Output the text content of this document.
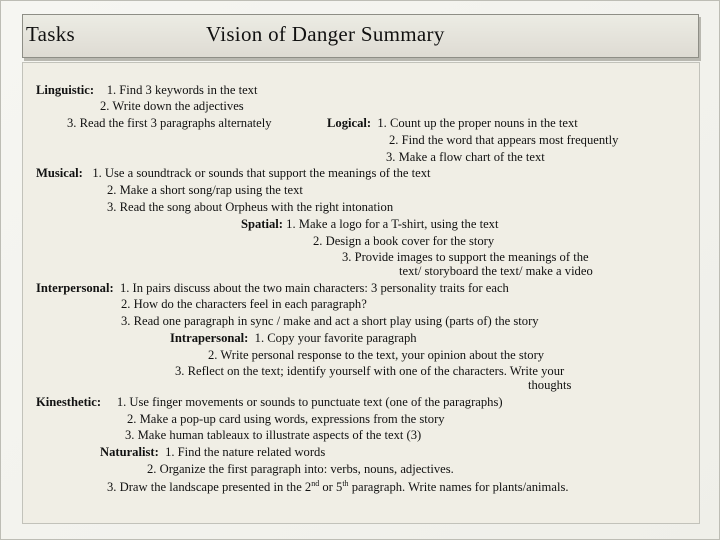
Tasks	Vision of Danger Summary
Linguistic: 1. Find 3 keywords in the text
2. Write down the adjectives
3. Read the first 3 paragraphs alternately	Logical: 1. Count up the proper nouns in the text
2. Find the word that appears most frequently
3. Make a flow chart of the text
Musical: 1. Use a soundtrack or sounds that support the meanings of the text
2. Make a short song/rap using the text
3. Read the song about Orpheus with the right intonation
Spatial: 1. Make a logo for a T-shirt, using the text
2. Design a book cover for the story
3. Provide images to support the meanings of the
text/ storyboard the text/ make a video
Interpersonal: 1. In pairs discuss about the two main characters: 3 personality traits for each
2. How do the characters feel in each paragraph?
3. Read one paragraph in sync / make and act a short play using (parts of) the story
Intrapersonal: 1. Copy your favorite paragraph
2. Write personal response to the text, your opinion about the story
3. Reflect on the text; identify yourself with one of the characters. Write your
thoughts
Kinesthetic: 1. Use finger movements or sounds to punctuate text (one of the paragraphs)
2. Make a pop-up card using words, expressions from the story
3. Make human tableaux to illustrate aspects of the text (3)
Naturalist: 1. Find the nature related words
2. Organize the first paragraph into: verbs, nouns, adjectives.
3. Draw the landscape presented in the 2nd or 5th paragraph. Write names for plants/animals.
